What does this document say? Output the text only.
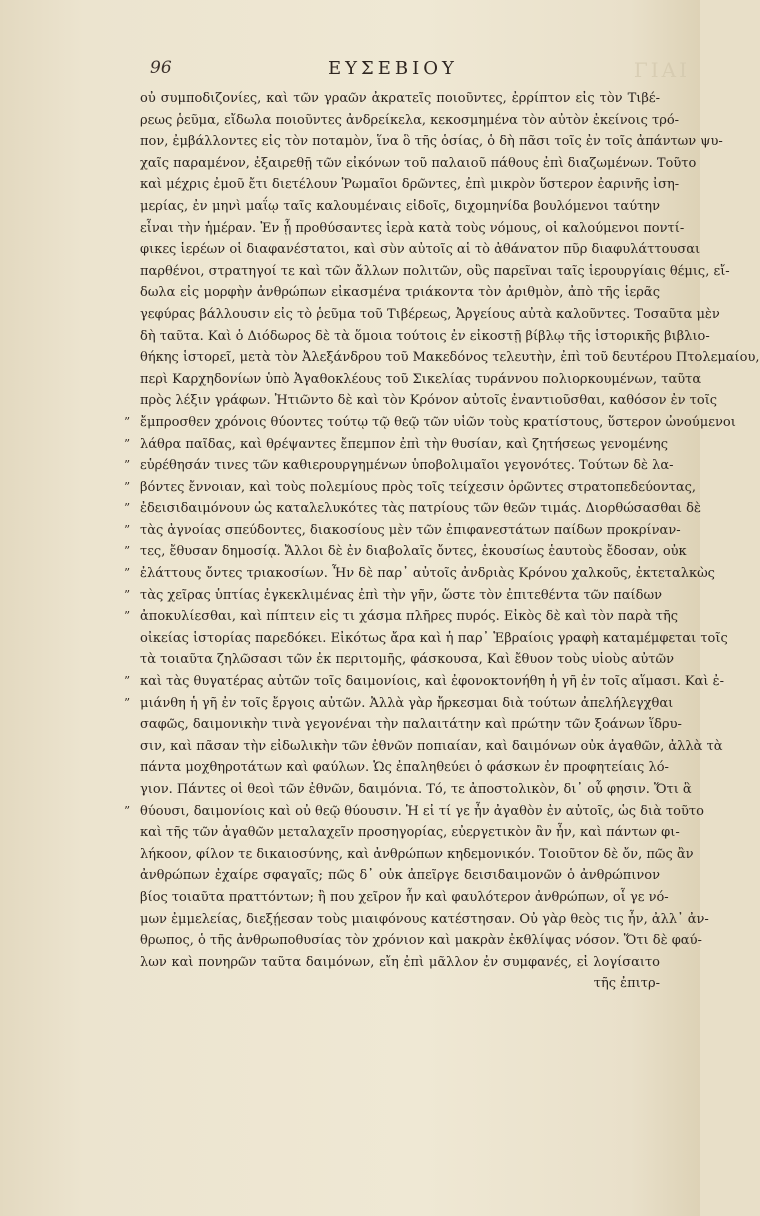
ΓΙΑΙ
96	ΕΥΣΕΒΙΟΥ
οὐ συμποδιζονίες, καὶ τῶν γραῶν ἀκρατεῖς ποιοῦντες, ἐρρίπτον εἰς τὸν Τιβέ-
ρεως ῥεῦμα, εἴδωλα ποιοῦντες ἀνδρείκελα, κεκοσμημένα τὸν αὐτὸν ἐκείνοις τρό-
πον, ἐμβάλλοντες εἰς τὸν ποταμὸν, ἵνα ὃ τῆς ὁσίας, ὁ δὴ πᾶσι τοῖς ἐν τοῖς ἀπάντων ψυ-
χαῖς παραμένον, ἐξαιρεθῇ τῶν εἰκόνων τοῦ παλαιοῦ πάθους ἐπὶ διαζωμένων. Τοῦτο
καὶ μέχρις ἐμοῦ ἔτι διετέλουν Ῥωμαῖοι δρῶντες, ἐπὶ μικρὸν ὕστερον ἐαρινῆς ἰση-
μερίας, ἐν μηνὶ μαΐῳ ταῖς καλουμέναις εἰδοῖς, διχομηνίδα βουλόμενοι ταύτην
εἶναι τὴν ἡμέραν. Ἐν ᾗ προθύσαντες ἱερὰ κατὰ τοὺς νόμους, οἱ καλούμενοι ποντί-
φικες ἱερέων οἱ διαφανέστατοι, καὶ σὺν αὐτοῖς αἱ τὸ ἀθάνατον πῦρ διαφυλάττουσαι
παρθένοι, στρατηγοί τε καὶ τῶν ἄλλων πολιτῶν, οὓς παρεῖναι ταῖς ἱερουργίαις θέμις, εἴ-
δωλα εἰς μορφὴν ἀνθρώπων εἰκασμένα τριάκοντα τὸν ἀριθμὸν, ἀπὸ τῆς ἱερᾶς
γεφύρας βάλλουσιν εἰς τὸ ῥεῦμα τοῦ Τιβέρεως, Ἀργείους αὐτὰ καλοῦντες. Τοσαῦτα μὲν
δὴ ταῦτα. Καὶ ὁ Διόδωρος δὲ τὰ ὅμοια τούτοις ἐν εἰκοστῇ βίβλῳ τῆς ἱστορικῆς βιβλιο-
θήκης ἱστορεῖ, μετὰ τὸν Ἀλεξάνδρου τοῦ Μακεδόνος τελευτὴν, ἐπὶ τοῦ δευτέρου Πτολεμαίου,
περὶ Καρχηδονίων ὑπὸ Ἀγαθοκλέους τοῦ Σικελίας τυράννου πολιορκουμένων, ταῦτα
πρὸς λέξιν γράφων. Ἠτιῶντο δὲ καὶ τὸν Κρόνον αὐτοῖς ἐναντιοῦσθαι, καθόσον ἐν τοῖς
” ἔμπροσθεν χρόνοις θύοντες τούτῳ τῷ θεῷ τῶν υἱῶν τοὺς κρατίστους, ὕστερον ὠνούμενοι
” λάθρα παῖδας, καὶ θρέψαντες ἔπεμπον ἐπὶ τὴν θυσίαν, καὶ ζητήσεως γενομένης
” εὑρέθησάν τινες τῶν καθιερουργημένων ὑποβολιμαῖοι γεγονότες. Τούτων δὲ λα-
” βόντες ἔννοιαν, καὶ τοὺς πολεμίους πρὸς τοῖς τείχεσιν ὁρῶντες στρατοπεδεύοντας,
” ἐδεισιδαιμόνουν ὡς καταλελυκότες τὰς πατρίους τῶν θεῶν τιμάς. Διορθώσασθαι δὲ
” τὰς ἀγνοίας σπεύδοντες, διακοσίους μὲν τῶν ἐπιφανεστάτων παίδων προκρίναν-
” τες, ἔθυσαν δημοσίᾳ. Ἄλλοι δὲ ἐν διαβολαῖς ὄντες, ἑκουσίως ἑαυτοὺς ἔδοσαν, οὐκ
” ἐλάττους ὄντες τριακοσίων. Ἦν δὲ παρ᾽ αὐτοῖς ἀνδριὰς Κρόνου χαλκοῦς, ἐκτεταλκὼς
” τὰς χεῖρας ὑπτίας ἐγκεκλιμένας ἐπὶ τὴν γῆν, ὥστε τὸν ἐπιτεθέντα τῶν παίδων
” ἀποκυλίεσθαι, καὶ πίπτειν εἰς τι χάσμα πλῆρες πυρός. Εἰκὸς δὲ καὶ τὸν παρὰ τῆς
οἰκείας ἱστορίας παρεδόκει. Εἰκότως ἄρα καὶ ἡ παρ᾽ Ἑβραίοις γραφὴ καταμέμφεται τοῖς
τὰ τοιαῦτα ζηλῶσασι τῶν ἐκ περιτομῆς, φάσκουσα, Καὶ ἔθυον τοὺς υἱοὺς αὐτῶν
” καὶ τὰς θυγατέρας αὐτῶν τοῖς δαιμονίοις, καὶ ἐφονοκτονήθη ἡ γῆ ἐν τοῖς αἵμασι. Καὶ ἐ-
” μιάνθη ἡ γῆ ἐν τοῖς ἔργοις αὐτῶν. Ἀλλὰ γὰρ ἤρκεσμαι διὰ τούτων ἀπελήλεγχθαι
σαφῶς, δαιμονικὴν τινὰ γεγονέναι τὴν παλαιτάτην καὶ πρώτην τῶν ξοάνων ἵδρυ-
σιν, καὶ πᾶσαν τὴν εἰδωλικὴν τῶν ἐθνῶν ποπιαίαν, καὶ δαιμόνων οὐκ ἀγαθῶν, ἀλλὰ τὰ
πάντα μοχθηροτάτων καὶ φαύλων. Ὡς ἐπαληθεύει ὁ φάσκων ἐν προφητείαις λό-
γιον. Πάντες οἱ θεοὶ τῶν ἐθνῶν, δαιμόνια. Τό, τε ἀποστολικὸν, δι᾽ οὗ φησιν. Ὅτι ἃ
” θύουσι, δαιμονίοις καὶ οὐ θεῷ θύουσιν. Ἡ εἰ τί γε ἦν ἀγαθὸν ἐν αὐτοῖς, ὡς διὰ τοῦτο
καὶ τῆς τῶν ἀγαθῶν μεταλαχεῖν προσηγορίας, εὐεργετικὸν ἂν ἦν, καὶ πάντων φι-
λήκοον, φίλον τε δικαιοσύνης, καὶ ἀνθρώπων κηδεμονικόν. Τοιοῦτον δὲ ὄν, πῶς ἂν
ἀνθρώπων ἐχαίρε σφαγαῖς; πῶς δ᾽ οὐκ ἀπεῖργε δεισιδαιμονῶν ὁ ἀνθρώπινον
βίος τοιαῦτα πραττόντων; ἢ που χεῖρον ἦν καὶ φαυλότερον ἀνθρώπων, οἷ γε νό-
μων ἐμμελείας, διεξῄεσαν τοὺς μιαιφόνους κατέστησαν. Οὐ γὰρ θεὸς τις ἦν, ἀλλ᾽ ἀν-
θρωπος, ὁ τῆς ἀνθρωποθυσίας τὸν χρόνιον καὶ μακρὰν ἐκθλίψας νόσον. Ὅτι δὲ φαύ-
λων καὶ πονηρῶν ταῦτα δαιμόνων, εἴη ἐπὶ μᾶλλον ἐν συμφανές, εἰ λογίσαιτο
τῆς ἐπιτρ-
